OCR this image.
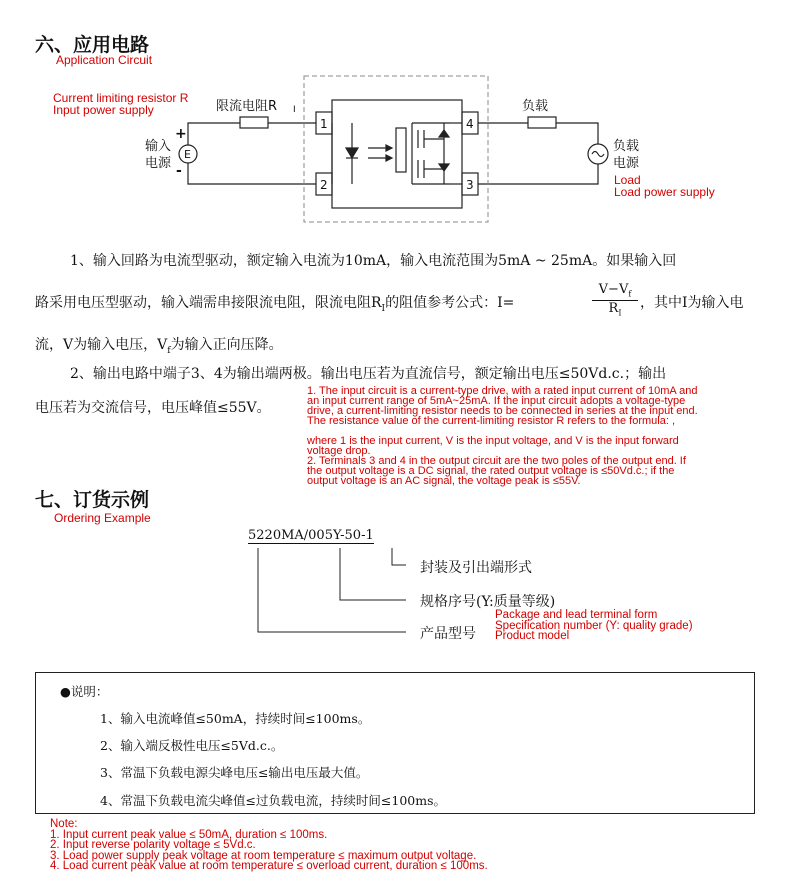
六、应用电路
Application Circuit
限流电阻R I
输入
电源
E
+
-
1
2
4
3
负载
负载
电源
Current limiting resistor R
Input power supply
Load
Load power supply
1、输入回路为电流型驱动，额定输入电流为10mA，输入电流范围为5mA ~ 25mA。如果输入回
路采用电压型驱动，输入端需串接限流电阻，限流电阻$R_I$的阻值参考公式：I=
$V-V_f$
$R_I$
，其中I为输入电
流，V为输入电压，$V_f$为输入正向压降。
2、输出电路中端子3、4为输出端两极。输出电压若为直流信号，额定输出电压≤50Vd.c.；输出
电压若为交流信号，电压峰值≤55V。
1. The input circuit is a current-type drive, with a rated input current of 10mA and
an input current range of 5mA~25mA. If the input circuit adopts a voltage-type
drive, a current-limiting resistor needs to be connected in series at the input end.
The resistance value of the current-limiting resistor R refers to the formula: ,
where 1 is the input current, V is the input voltage, and V is the input forward
voltage drop.
2. Terminals 3 and 4 in the output circuit are the two poles of the output end. If
the output voltage is a DC signal, the rated output voltage is ≤50Vd.c.; if the
output voltage is an AC signal, the voltage peak is ≤55V.
七、订货示例
Ordering Example
5220MA/005Y-50-1
封装及引出端形式
规格序号(Y:质量等级)
产品型号
Package and lead terminal form
Specification number (Y: quality grade)
Product model
●说明：
1、输入电流峰值≤50mA，持续时间≤100ms。
2、输入端反极性电压≤5Vd.c.。
3、常温下负载电源尖峰电压≤输出电压最大值。
4、常温下负载电流尖峰值≤过负载电流，持续时间≤100ms。
Note:
1. Input current peak value ≤ 50mA, duration ≤ 100ms.
2. Input reverse polarity voltage ≤ 5Vd.c.
3. Load power supply peak voltage at room temperature ≤ maximum output voltage.
4. Load current peak value at room temperature ≤ overload current, duration ≤ 100ms.
